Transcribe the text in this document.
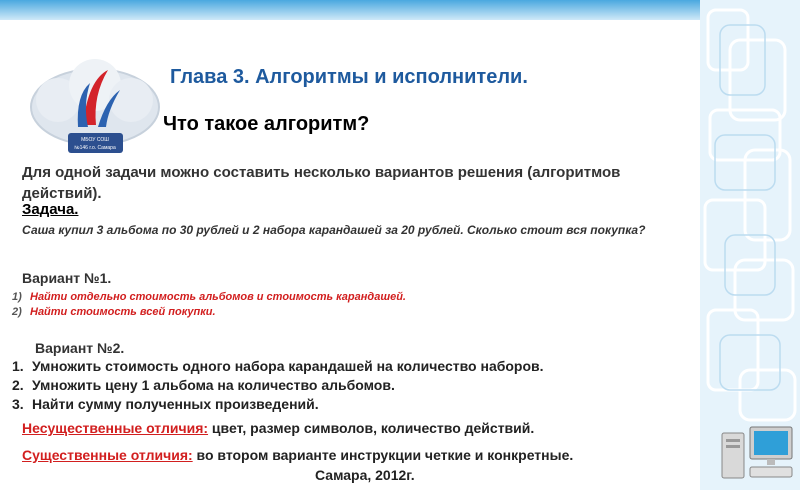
МБОУ СОШ
№146 г.о. Самара
Глава 3. Алгоритмы и исполнители.
Что такое алгоритм?
Для одной задачи можно составить несколько вариантов решения (алгоритмов действий).
Задача.
Саша купил 3 альбома по 30 рублей и 2 набора карандашей за 20 рублей. Сколько стоит вся покупка?
Вариант №1.
1) Найти отдельно стоимость альбомов и стоимость карандашей.
2) Найти стоимость всей покупки.
Вариант №2.
1. Умножить стоимость одного набора карандашей на количество наборов.
2. Умножить цену 1 альбома на количество альбомов.
3. Найти сумму полученных произведений.
Несущественные отличия: цвет, размер символов, количество действий.
Существенные отличия: во втором варианте инструкции четкие и конкретные.
Самара, 2012г.
